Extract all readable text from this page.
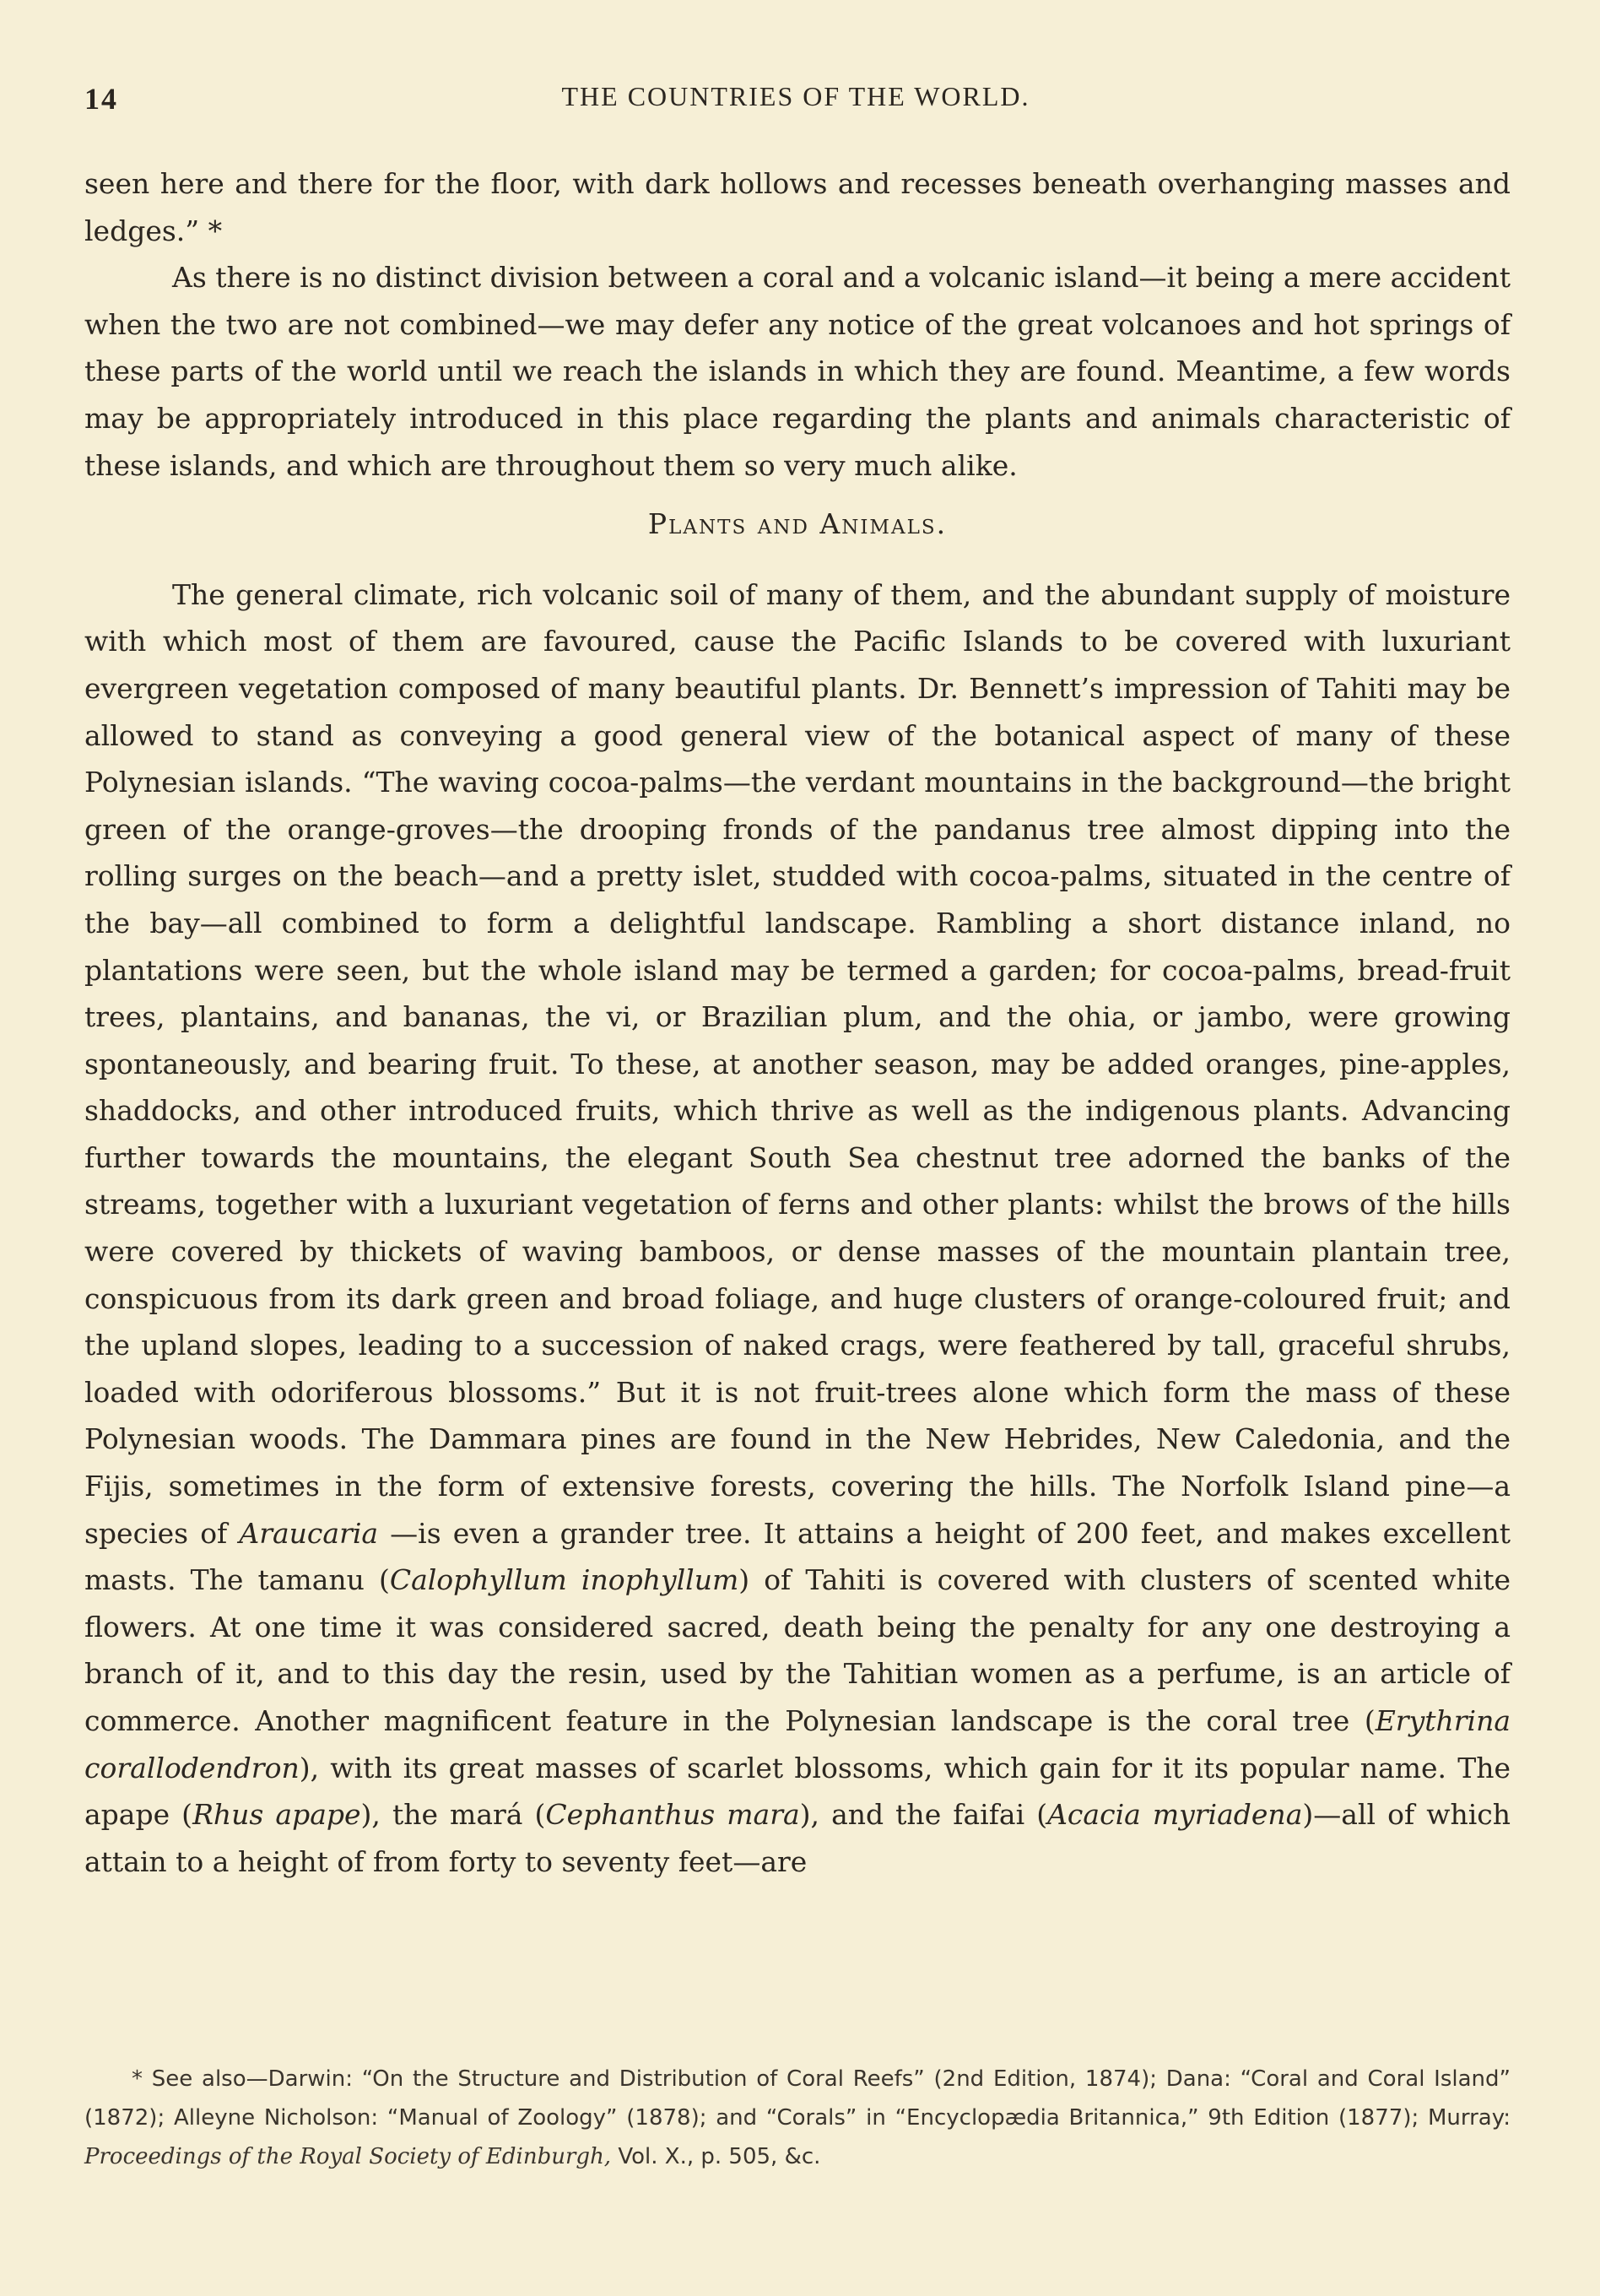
14	THE COUNTRIES OF THE WORLD.

seen here and there for the floor, with dark hollows and recesses beneath overhanging masses and ledges.” *

As there is no distinct division between a coral and a volcanic island—it being a mere accident when the two are not combined—we may defer any notice of the great volcanoes and hot springs of these parts of the world until we reach the islands in which they are found. Meantime, a few words may be appropriately introduced in this place regarding the plants and animals characteristic of these islands, and which are throughout them so very much alike.

Plants and Animals.

The general climate, rich volcanic soil of many of them, and the abundant supply of moisture with which most of them are favoured, cause the Pacific Islands to be covered with luxuriant evergreen vegetation composed of many beautiful plants. Dr. Bennett’s impression of Tahiti may be allowed to stand as conveying a good general view of the botanical aspect of many of these Polynesian islands. “The waving cocoa-palms—the verdant mountains in the background—the bright green of the orange-groves—the drooping fronds of the pandanus tree almost dipping into the rolling surges on the beach—and a pretty islet, studded with cocoa-palms, situated in the centre of the bay—all combined to form a delightful landscape. Rambling a short distance inland, no plantations were seen, but the whole island may be termed a garden; for cocoa-palms, bread-fruit trees, plantains, and bananas, the vi, or Brazilian plum, and the ohia, or jambo, were growing spontaneously, and bearing fruit. To these, at another season, may be added oranges, pine-apples, shaddocks, and other introduced fruits, which thrive as well as the indigenous plants. Advancing further towards the mountains, the elegant South Sea chestnut tree adorned the banks of the streams, together with a luxuriant vegetation of ferns and other plants: whilst the brows of the hills were covered by thickets of waving bamboos, or dense masses of the mountain plantain tree, conspicuous from its dark green and broad foliage, and huge clusters of orange-coloured fruit; and the upland slopes, leading to a succession of naked crags, were feathered by tall, graceful shrubs, loaded with odoriferous blossoms.” But it is not fruit-trees alone which form the mass of these Polynesian woods. The Dammara pines are found in the New Hebrides, New Caledonia, and the Fijis, sometimes in the form of extensive forests, covering the hills. The Norfolk Island pine—a species of Araucaria —is even a grander tree. It attains a height of 200 feet, and makes excellent masts. The tamanu (Calophyllum inophyllum) of Tahiti is covered with clusters of scented white flowers. At one time it was considered sacred, death being the penalty for any one destroying a branch of it, and to this day the resin, used by the Tahitian women as a perfume, is an article of commerce. Another magnificent feature in the Polynesian landscape is the coral tree (Erythrina corallodendron), with its great masses of scarlet blossoms, which gain for it its popular name. The apape (Rhus apape), the mará (Cephanthus mara), and the faifai (Acacia myriadena)—all of which attain to a height of from forty to seventy feet—are

* See also—Darwin: “On the Structure and Distribution of Coral Reefs” (2nd Edition, 1874); Dana: “Coral and Coral Island” (1872); Alleyne Nicholson: “Manual of Zoology” (1878); and “Corals” in “Encyclopædia Britannica,” 9th Edition (1877); Murray: Proceedings of the Royal Society of Edinburgh, Vol. X., p. 505, &c.
